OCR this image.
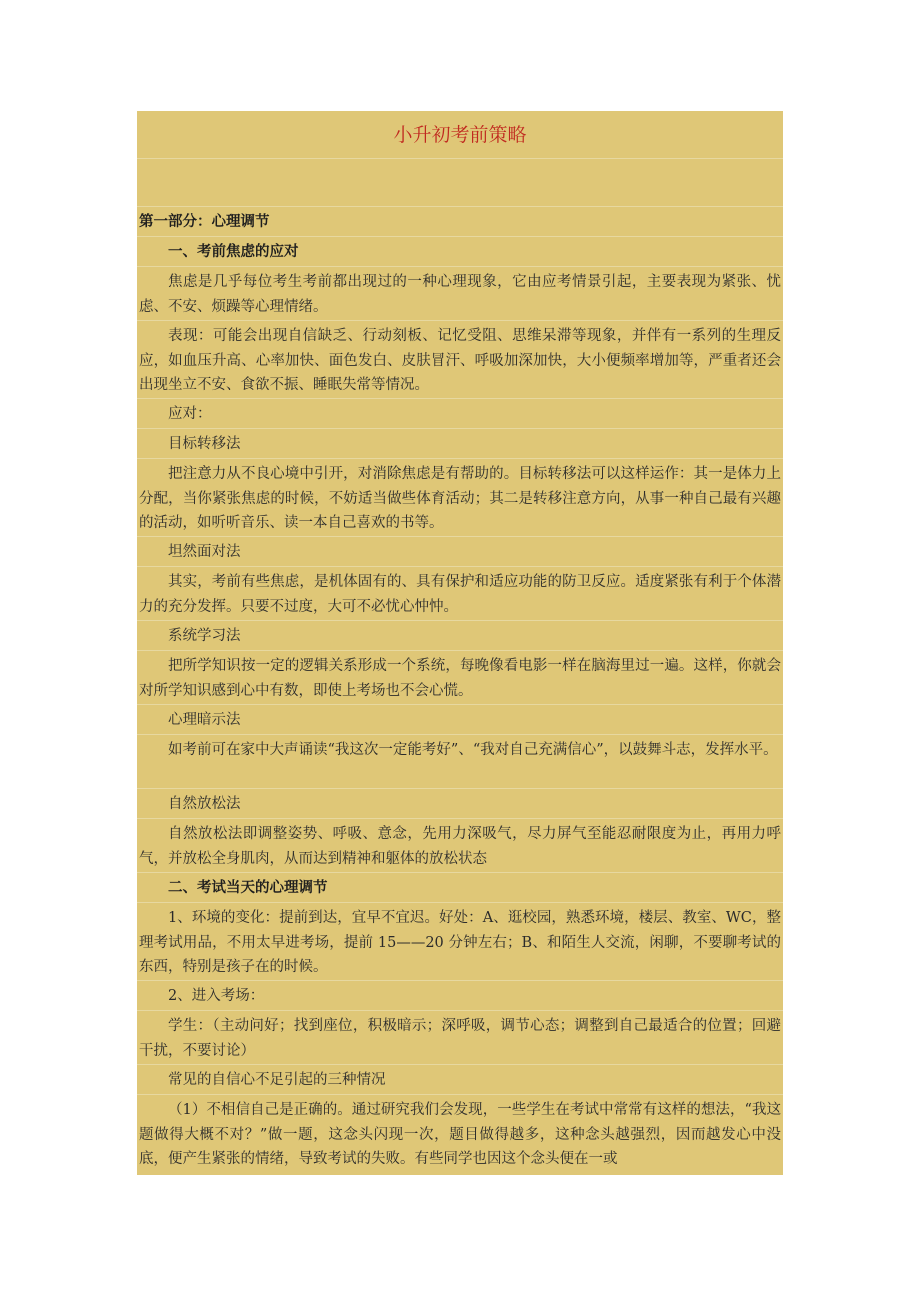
小升初考前策略
第一部分：心理调节
一、考前焦虑的应对
焦虑是几乎每位考生考前都出现过的一种心理现象，它由应考情景引起，主要表现为紧张、忧虑、不安、烦躁等心理情绪。
表现：可能会出现自信缺乏、行动刻板、记忆受阻、思维呆滞等现象，并伴有一系列的生理反应，如血压升高、心率加快、面色发白、皮肤冒汗、呼吸加深加快，大小便频率增加等，严重者还会出现坐立不安、食欲不振、睡眠失常等情况。
应对：
目标转移法
把注意力从不良心境中引开，对消除焦虑是有帮助的。目标转移法可以这样运作：其一是体力上分配，当你紧张焦虑的时候，不妨适当做些体育活动；其二是转移注意方向，从事一种自己最有兴趣的活动，如听听音乐、读一本自己喜欢的书等。
坦然面对法
其实，考前有些焦虑，是机体固有的、具有保护和适应功能的防卫反应。适度紧张有利于个体潜力的充分发挥。只要不过度，大可不必忧心忡忡。
系统学习法
把所学知识按一定的逻辑关系形成一个系统，每晚像看电影一样在脑海里过一遍。这样，你就会对所学知识感到心中有数，即使上考场也不会心慌。
心理暗示法
如考前可在家中大声诵读“我这次一定能考好”、“我对自己充满信心”，以鼓舞斗志，发挥水平。
自然放松法
自然放松法即调整姿势、呼吸、意念，先用力深吸气，尽力屏气至能忍耐限度为止，再用力呼气，并放松全身肌肉，从而达到精神和躯体的放松状态
二、考试当天的心理调节
1、环境的变化：提前到达，宜早不宜迟。好处：A、逛校园，熟悉环境，楼层、教室、WC，整理考试用品，不用太早进考场，提前 15——20 分钟左右；B、和陌生人交流，闲聊，不要聊考试的东西，特别是孩子在的时候。
2、进入考场：
学生：（主动问好；找到座位，积极暗示；深呼吸，调节心态；调整到自己最适合的位置；回避干扰，不要讨论）
常见的自信心不足引起的三种情况
（1）不相信自己是正确的。通过研究我们会发现，一些学生在考试中常常有这样的想法，“我这题做得大概不对？”做一题，这念头闪现一次，题目做得越多，这种念头越强烈，因而越发心中没底，便产生紧张的情绪，导致考试的失败。有些同学也因这个念头便在一或
